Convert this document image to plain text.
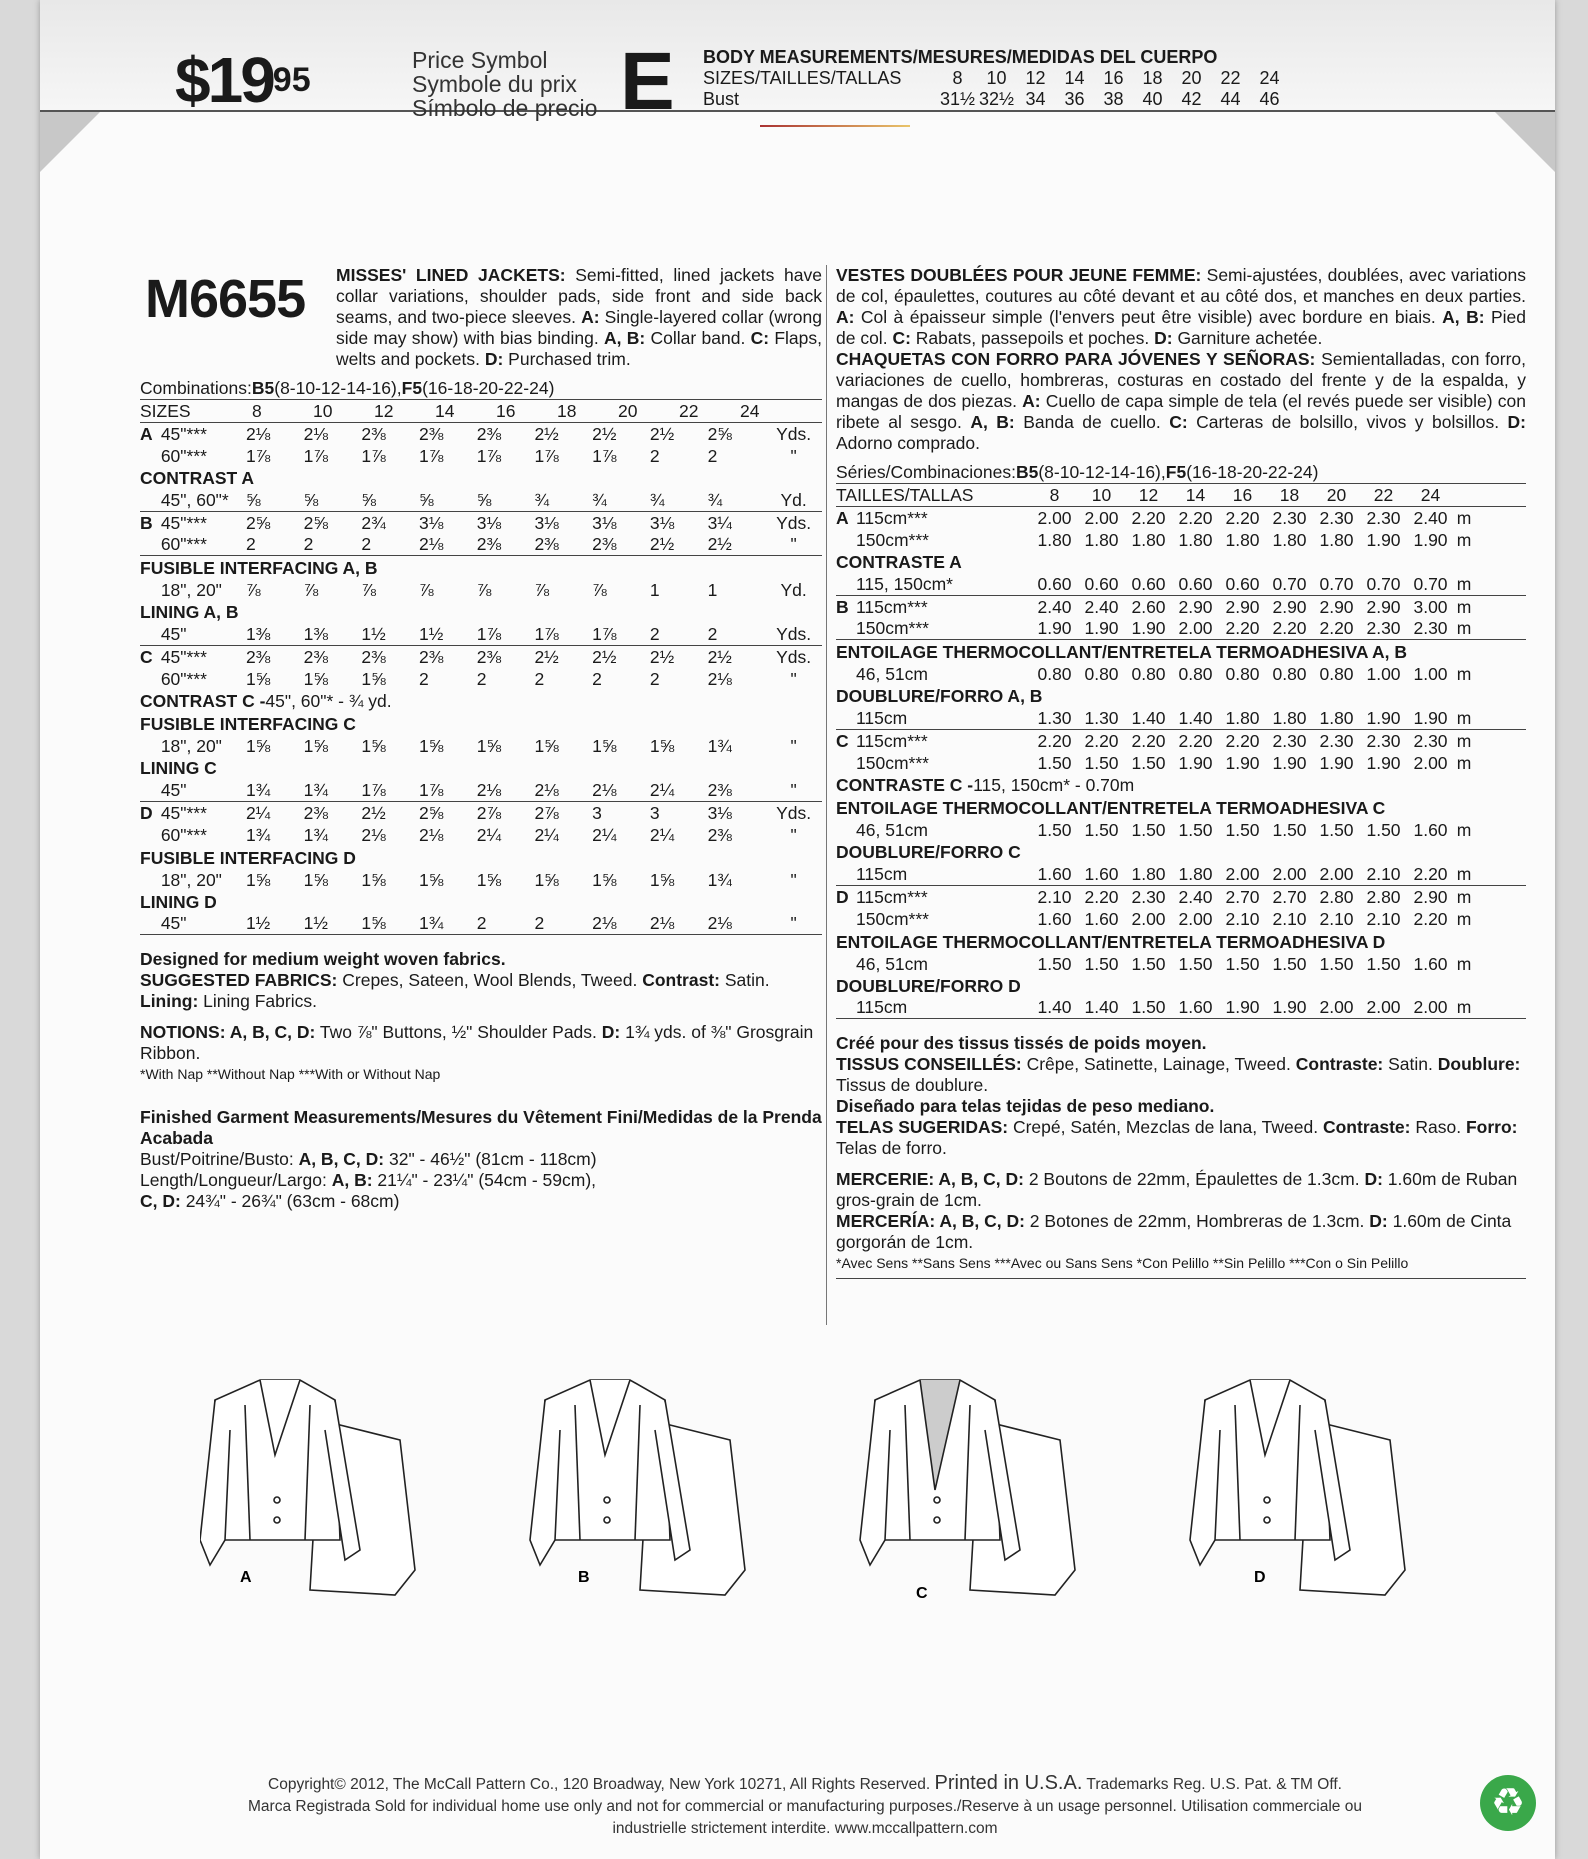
$\$19^{95}$
Price Symbol
Symbole du prix
Símbolo de precio E BODY MEASUREMENTS/MESURES/MEDIDAS DEL CUERPO
SIZES/TAILLES/TALLAS	8	10	12	14	16	18	20	22	24
Bust	31½ 32½ 34	36	38	40	42	44	46
M6655 MISSES' LINED JACKETS: Semi-fitted, lined jackets have collar variations, shoulder pads, side front and side back seams, and two-piece sleeves. A: Single-layered collar (wrong side may show) with bias binding. A, B: Collar band. C: Flaps, welts and pockets. D: Purchased trim.
Combinations: B5 (8-10-12-14-16), F5 (16-18-20-22-24)
SIZES	8	10	12	14	16	18	20	22	24
A 45"***	2⅛	2⅛	2⅜	2⅜	2⅜	2½	2½	2½	2⅝	Yds.
60"***	1⅞	1⅞	1⅞	1⅞	1⅞	1⅞	1⅞	2	2	"
CONTRAST A
45", 60"* ⅝	⅝	⅝	⅝	⅝	¾	¾	¾	¾	Yd.
B 45"***	2⅝	2⅝	2¾	3⅛	3⅛	3⅛	3⅛	3⅛	3¼	Yds.
60"***	2	2	2	2⅛	2⅜	2⅜	2⅜	2½	2½	"
FUSIBLE INTERFACING A, B
18", 20"	⅞	⅞	⅞	⅞	⅞	⅞	⅞	1	1	Yd.
LINING A, B
45"	1⅜	1⅜	1½	1½	1⅞	1⅞	1⅞	2	2	Yds.
C 45"***	2⅜	2⅜	2⅜	2⅜	2⅜	2½	2½	2½	2½	Yds.
60"***	1⅝	1⅝	1⅝	2	2	2	2	2	2⅛	"
CONTRAST C - 45", 60"* - ¾ yd.
FUSIBLE INTERFACING C
18", 20"	1⅝	1⅝	1⅝	1⅝	1⅝	1⅝	1⅝	1⅝	1¾	"
LINING C
45"	1¾	1¾	1⅞	1⅞	2⅛	2⅛	2⅛	2¼	2⅜	"
D 45"***	2¼	2⅜	2½	2⅝	2⅞	2⅞	3	3	3⅛	Yds.
60"***	1¾	1¾	2⅛	2⅛	2¼	2¼	2¼	2¼	2⅜	"
FUSIBLE INTERFACING D
18", 20"	1⅝	1⅝	1⅝	1⅝	1⅝	1⅝	1⅝	1⅝	1¾	"
LINING D
45"	1½	1½	1⅝	1¾	2	2	2⅛	2⅛	2⅛	"
Designed for medium weight woven fabrics.
SUGGESTED FABRICS: Crepes, Sateen, Wool Blends, Tweed. Contrast: Satin. Lining: Lining Fabrics.
NOTIONS: A, B, C, D: Two ⅞" Buttons, ½" Shoulder Pads. D: 1¾ yds. of ⅜" Grosgrain Ribbon.
*With Nap **Without Nap ***With or Without Nap
Finished Garment Measurements/Mesures du Vêtement Fini/Medidas de la Prenda Acabada
Bust/Poitrine/Busto: A, B, C, D: 32" - 46½" (81cm - 118cm)
Length/Longueur/Largo: A, B: 21¼" - 23¼" (54cm - 59cm),
C, D: 24¾" - 26¾" (63cm - 68cm)
VESTES DOUBLÉES POUR JEUNE FEMME: Semi-ajustées, doublées, avec variations de col, épaulettes, coutures au côté devant et au côté dos, et manches en deux parties. A: Col à épaisseur simple (l'envers peut être visible) avec bordure en biais. A, B: Pied de col. C: Rabats, passepoils et poches. D: Garniture achetée.
CHAQUETAS CON FORRO PARA JÓVENES Y SEÑORAS: Semientalladas, con forro, variaciones de cuello, hombreras, costuras en costado del frente y de la espalda, y mangas de dos piezas. A: Cuello de capa simple de tela (el revés puede ser visible) con ribete al sesgo. A, B: Banda de cuello. C: Carteras de bolsillo, vivos y bolsillos. D: Adorno comprado.
Séries/Combinaciones: B5 (8-10-12-14-16), F5 (16-18-20-22-24)
TAILLES/TALLAS	8	10	12	14	16	18	20	22	24
A 115cm***	2.00 2.00 2.20 2.20 2.20 2.30 2.30 2.30 2.40 m
150cm***	1.80 1.80 1.80 1.80 1.80 1.80 1.80 1.90 1.90 m
CONTRASTE A
115, 150cm*	0.60 0.60 0.60 0.60 0.60 0.70 0.70 0.70 0.70 m
B 115cm***	2.40 2.40 2.60 2.90 2.90 2.90 2.90 2.90 3.00 m
150cm***	1.90 1.90 1.90 2.00 2.20 2.20 2.20 2.30 2.30 m
ENTOILAGE THERMOCOLLANT/ENTRETELA TERMOADHESIVA A, B
46, 51cm	0.80 0.80 0.80 0.80 0.80 0.80 0.80 1.00 1.00 m
DOUBLURE/FORRO A, B
115cm	1.30 1.30 1.40 1.40 1.80 1.80 1.80 1.90 1.90 m
C 115cm***	2.20 2.20 2.20 2.20 2.20 2.30 2.30 2.30 2.30 m
150cm***	1.50 1.50 1.50 1.90 1.90 1.90 1.90 1.90 2.00 m
CONTRASTE C - 115, 150cm* - 0.70m
ENTOILAGE THERMOCOLLANT/ENTRETELA TERMOADHESIVA C
46, 51cm	1.50 1.50 1.50 1.50 1.50 1.50 1.50 1.50 1.60 m
DOUBLURE/FORRO C
115cm	1.60 1.60 1.80 1.80 2.00 2.00 2.00 2.10 2.20 m
D 115cm***	2.10 2.20 2.30 2.40 2.70 2.70 2.80 2.80 2.90 m
150cm***	1.60 1.60 2.00 2.00 2.10 2.10 2.10 2.10 2.20 m
ENTOILAGE THERMOCOLLANT/ENTRETELA TERMOADHESIVA D
46, 51cm	1.50 1.50 1.50 1.50 1.50 1.50 1.50 1.50 1.60 m
DOUBLURE/FORRO D
115cm	1.40 1.40 1.50 1.60 1.90 1.90 2.00 2.00 2.00 m
Créé pour des tissus tissés de poids moyen.
TISSUS CONSEILLÉS: Crêpe, Satinette, Lainage, Tweed. Contraste: Satin. Doublure: Tissus de doublure.
Diseñado para telas tejidas de peso mediano.
TELAS SUGERIDAS: Crepé, Satén, Mezclas de lana, Tweed. Contraste: Raso. Forro: Telas de forro.
MERCERIE: A, B, C, D: 2 Boutons de 22mm, Épaulettes de 1.3cm. D: 1.60m de Ruban gros-grain de 1cm.
MERCERÍA: A, B, C, D: 2 Botones de 22mm, Hombreras de 1.3cm. D: 1.60m de Cinta gorgorán de 1cm.
*Avec Sens **Sans Sens ***Avec ou Sans Sens *Con Pelillo **Sin Pelillo ***Con o Sin Pelillo
A	B
C
D
Copyright© 2012, The McCall Pattern Co., 120 Broadway, New York 10271, All Rights Reserved. Printed in U.S.A. Trademarks Reg. U.S. Pat. & TM Off.
Marca Registrada Sold for individual home use only and not for commercial or manufacturing purposes./Reserve à un usage personnel. Utilisation commerciale ou
industrielle strictement interdite. www.mccallpattern.com
♻
